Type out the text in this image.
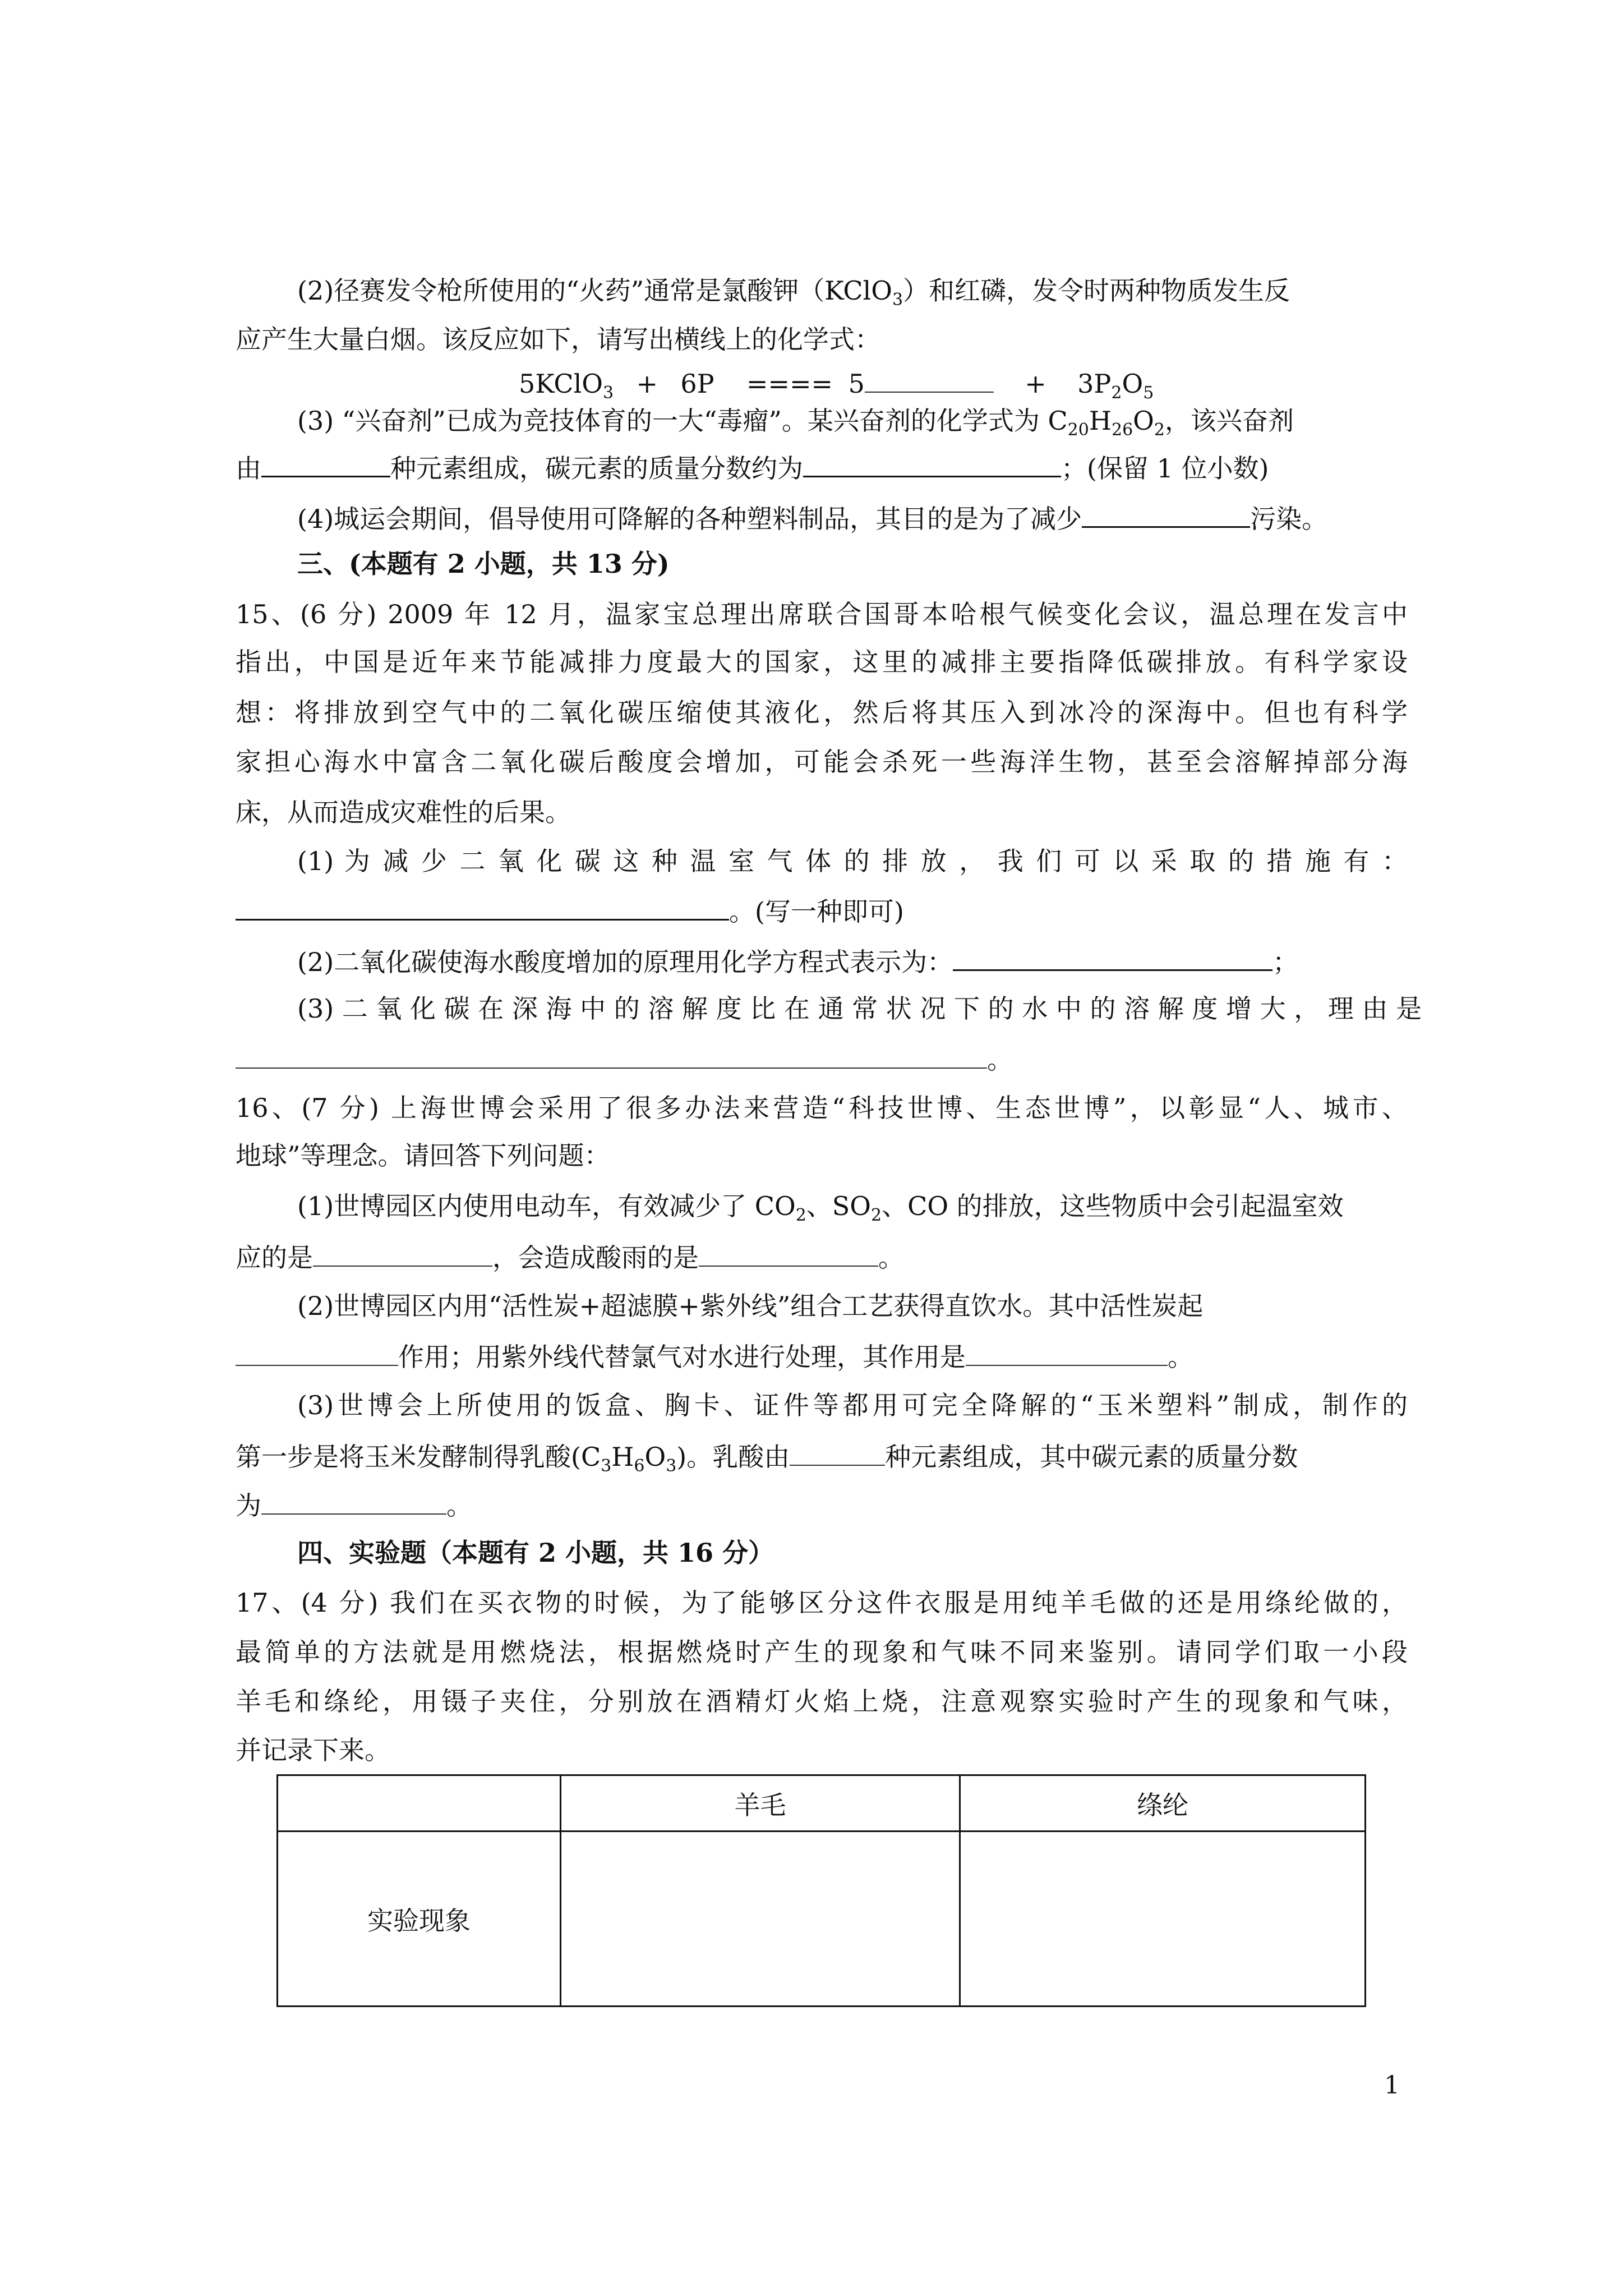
(2)径赛发令枪所使用的“火药”通常是氯酸钾（KClO$_3$）和红磷，发令时两种物质发生反
应产生大量白烟。该反应如下，请写出横线上的化学式：
5KClO$_3$ + 6P ==== 5	+ $3P_2O_5$
(3) “兴奋剂”已成为竞技体育的一大“毒瘤”。某兴奋剂的化学式为 $C_{20}H_{26}O_2$，该兴奋剂
由	种元素组成，碳元素的质量分数约为	；(保留 1 位小数)
(4)城运会期间，倡导使用可降解的各种塑料制品，其目的是为了减少	污染。
三、(本题有 2 小题，共 13 分)
15、(6 分) 2009 年 12 月，温家宝总理出席联合国哥本哈根气候变化会议，温总理在发言中
指出，中国是近年来节能减排力度最大的国家，这里的减排主要指降低碳排放。有科学家设
想：将排放到空气中的二氧化碳压缩使其液化，然后将其压入到冰冷的深海中。但也有科学
家担心海水中富含二氧化碳后酸度会增加，可能会杀死一些海洋生物，甚至会溶解掉部分海
床，从而造成灾难性的后果。
(1) 为 减 少 二 氧 化 碳 这 种 温 室 气 体 的 排 放 ， 我 们 可 以 采 取 的 措 施 有 ：
。(写一种即可)
(2)二氧化碳使海水酸度增加的原理用化学方程式表示为：	；
(3) 二 氧 化 碳 在 深 海 中 的 溶 解 度 比 在 通 常 状 况 下 的 水 中 的 溶 解 度 增 大 ， 理 由 是
。
16、(7 分) 上海世博会采用了很多办法来营造“科技世博、生态世博”，以彰显“人、城市、
地球”等理念。请回答下列问题：
(1)世博园区内使用电动车，有效减少了 $CO_2$、$SO_2$、CO 的排放，这些物质中会引起温室效
应的是	，会造成酸雨的是	。
(2)世博园区内用“活性炭+超滤膜+紫外线”组合工艺获得直饮水。其中活性炭起
作用；用紫外线代替氯气对水进行处理，其作用是	。
(3)世博会上所使用的饭盒、胸卡、证件等都用可完全降解的“玉米塑料”制成，制作的
第一步是将玉米发酵制得乳酸$(C_3H_6O_3)$。乳酸由	种元素组成，其中碳元素的质量分数
为	。
四、实验题（本题有 2 小题，共 16 分）
17、(4 分) 我们在买衣物的时候，为了能够区分这件衣服是用纯羊毛做的还是用绦纶做的，
最简单的方法就是用燃烧法，根据燃烧时产生的现象和气味不同来鉴别。请同学们取一小段
羊毛和绦纶，用镊子夹住，分别放在酒精灯火焰上烧，注意观察实验时产生的现象和气味，
并记录下来。
	羊毛	绦纶
实验现象		
1
